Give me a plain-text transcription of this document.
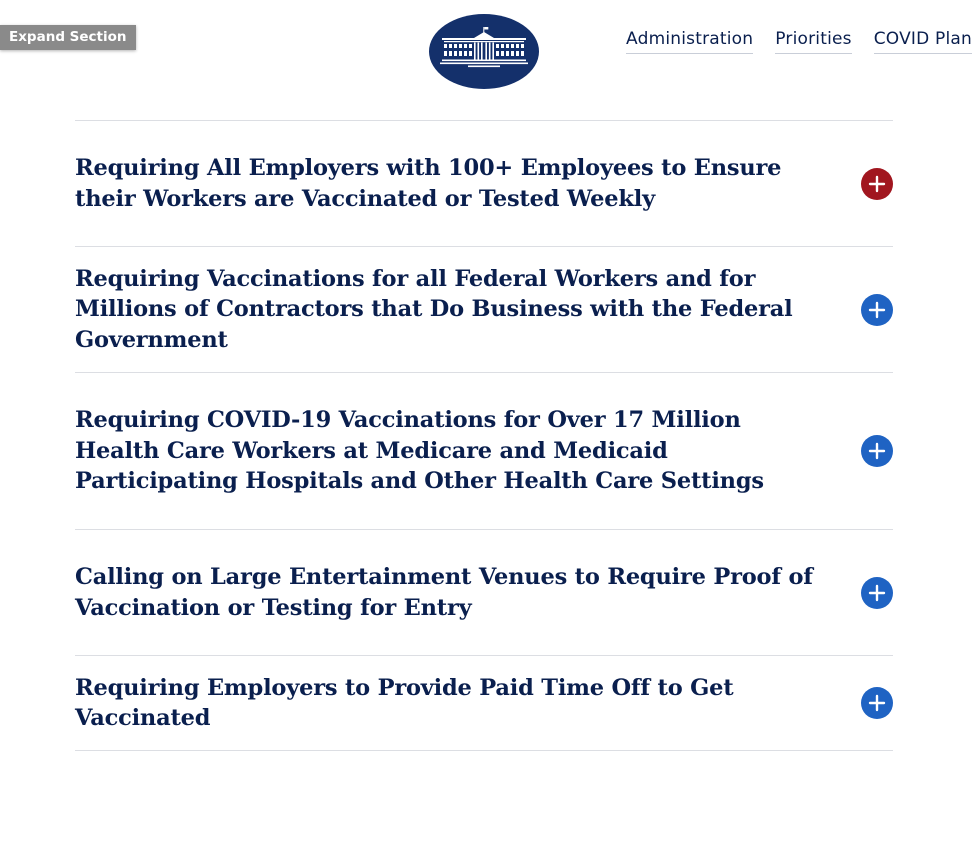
Expand Section	Administration Priorities COVID Plan
Requiring All Employers with 100+ Employees to Ensure their Workers are Vaccinated or Tested Weekly
Requiring Vaccinations for all Federal Workers and for Millions of Contractors that Do Business with the Federal Government
Requiring COVID-19 Vaccinations for Over 17 Million Health Care Workers at Medicare and Medicaid Participating Hospitals and Other Health Care Settings
Calling on Large Entertainment Venues to Require Proof of Vaccination or Testing for Entry
Requiring Employers to Provide Paid Time Off to Get Vaccinated
